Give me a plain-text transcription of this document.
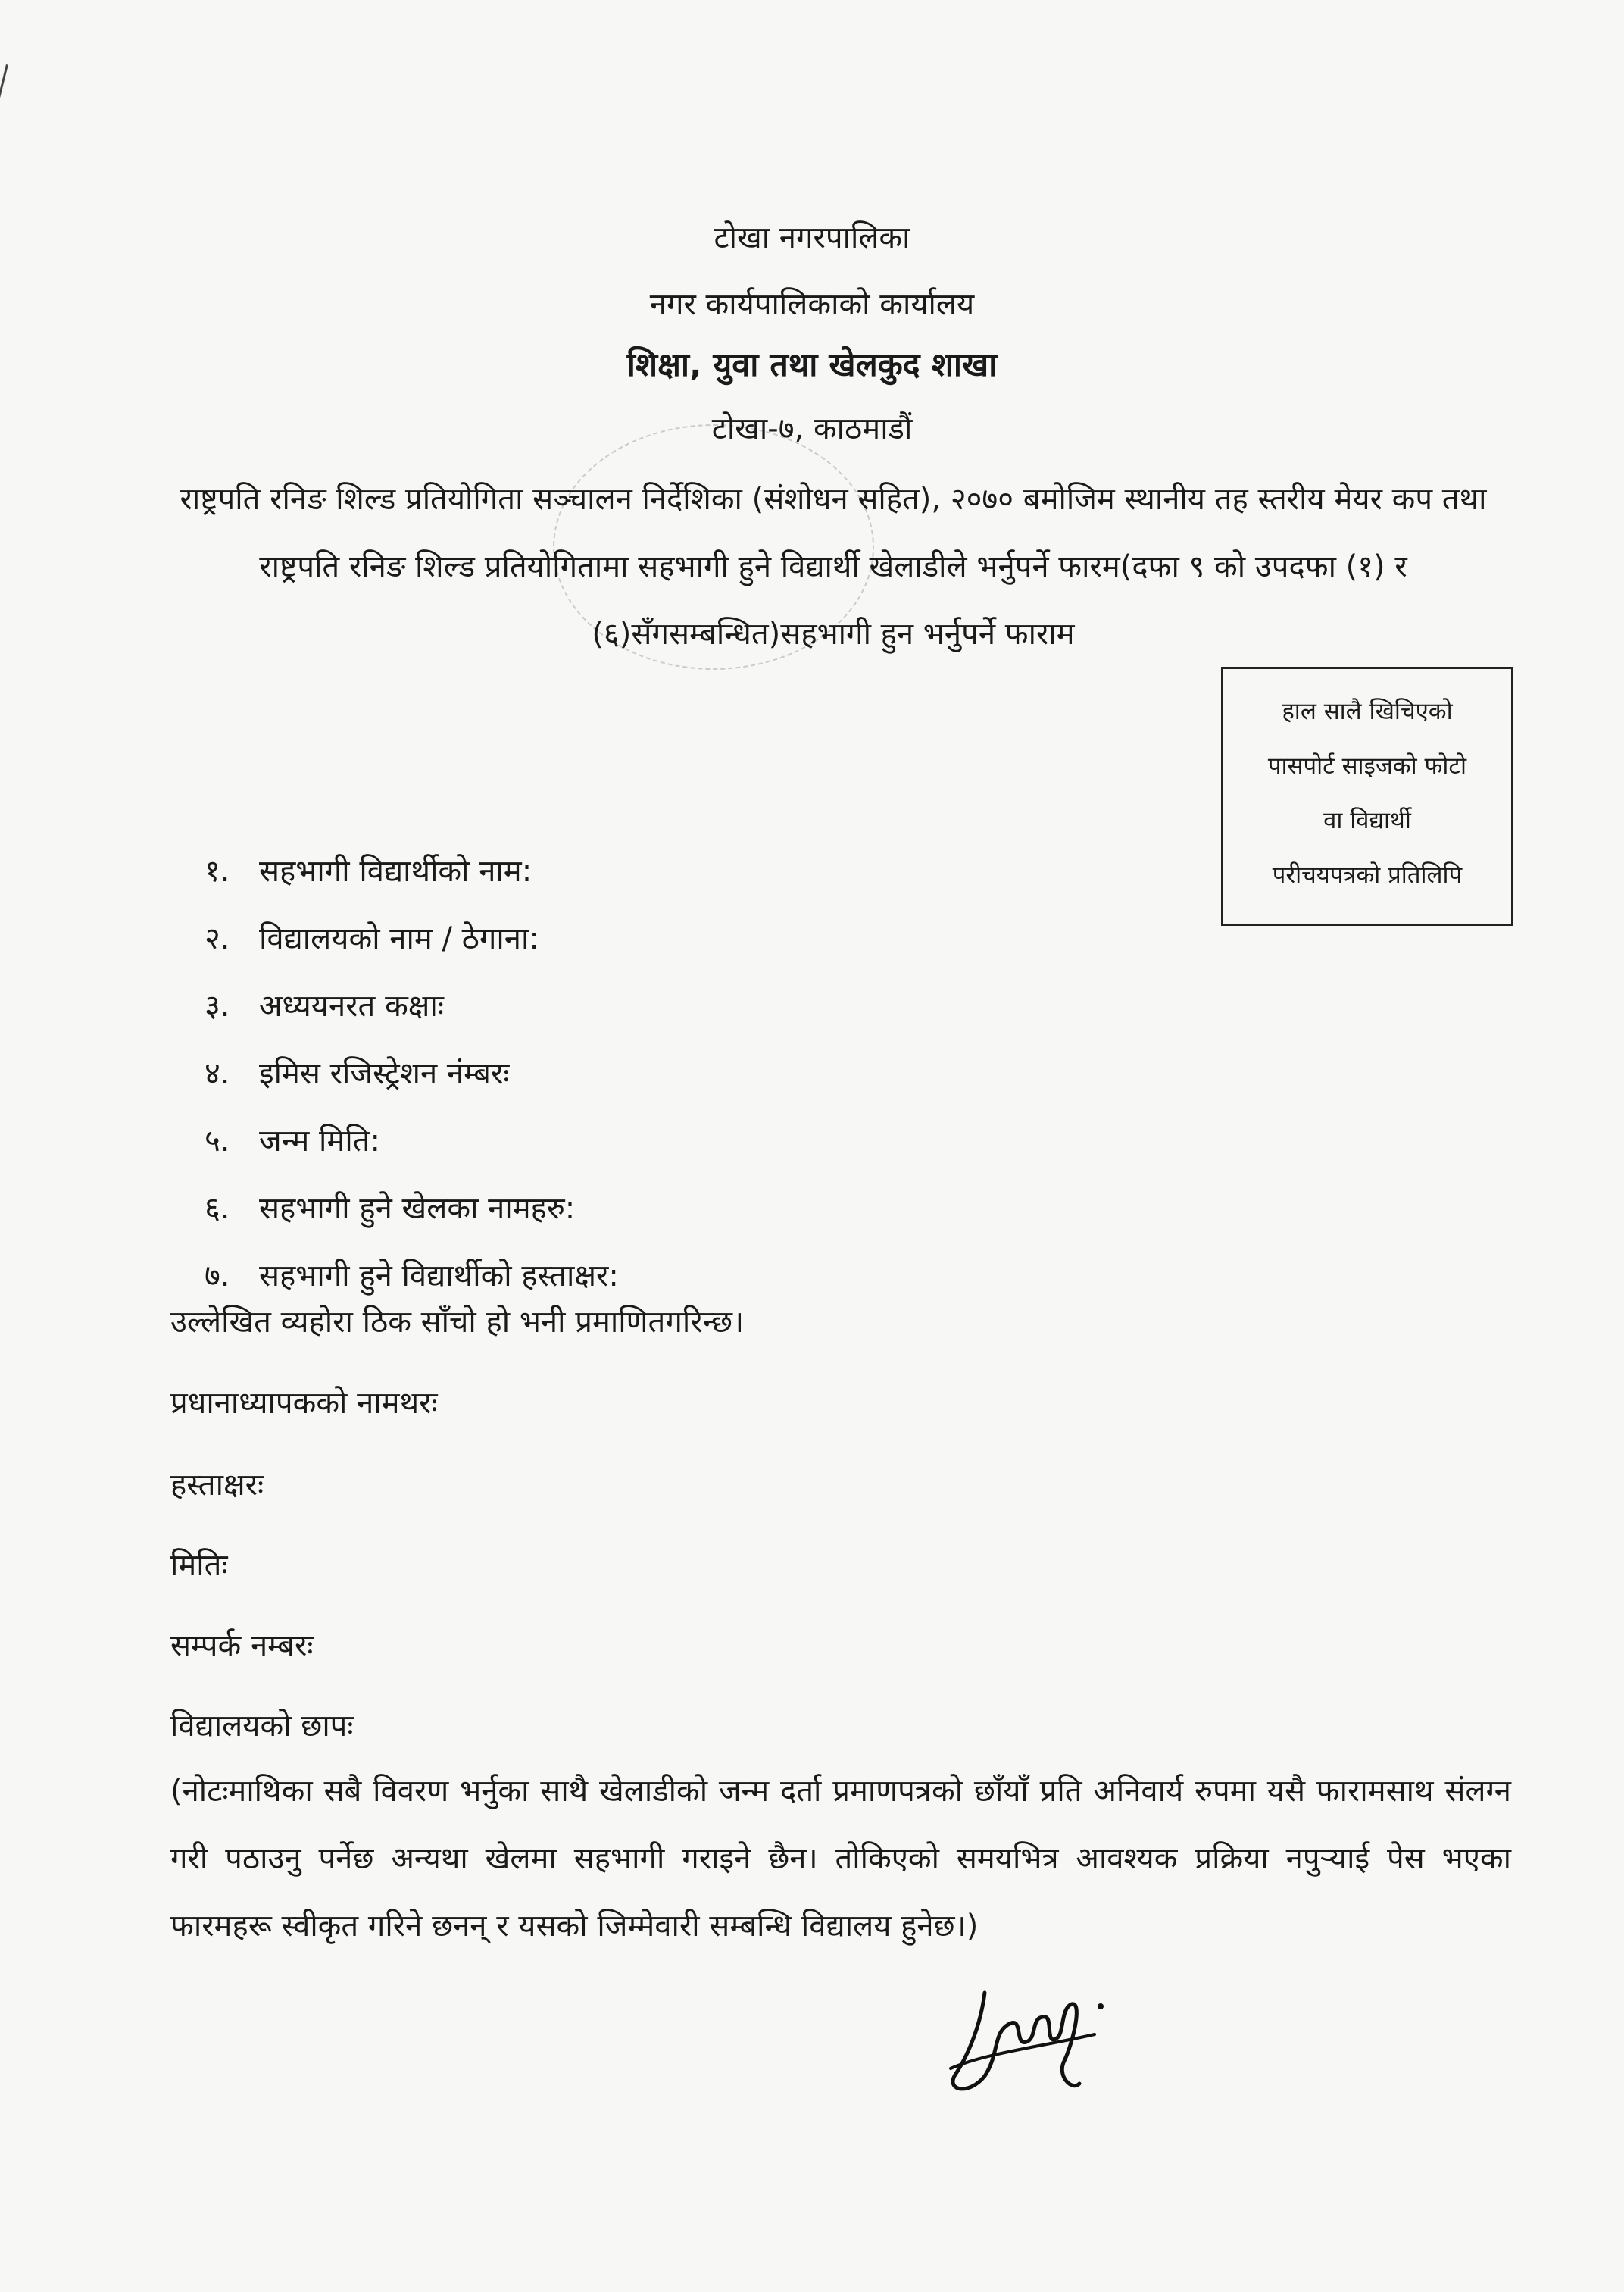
टोखा नगरपालिका
नगर कार्यपालिकाको कार्यालय
शिक्षा, युवा तथा खेलकुद शाखा
टोखा-७, काठमाडौं
राष्ट्रपति रनिङ शिल्ड प्रतियोगिता सञ्चालन निर्देशिका (संशोधन सहित), २०७० बमोजिम स्थानीय तह स्तरीय मेयर कप तथा राष्ट्रपति रनिङ शिल्ड प्रतियोगितामा सहभागी हुने विद्यार्थी खेलाडीले भर्नुपर्ने फारम(दफा ९ को उपदफा (१) र (६)सँगसम्बन्धित)सहभागी हुन भर्नुपर्ने फाराम
हाल सालै खिचिएको
पासपोर्ट साइजको फोटो
वा विद्यार्थी
परीचयपत्रको प्रतिलिपि
१. सहभागी विद्यार्थीको नाम:
२. विद्यालयको नाम / ठेगाना:
३. अध्ययनरत कक्षाः
४. इमिस रजिस्ट्रेशन नंम्बरः
५. जन्म मिति:
६. सहभागी हुने खेलका नामहरु:
७. सहभागी हुने विद्यार्थीको हस्ताक्षर:
उल्लेखित व्यहोरा ठिक साँचो हो भनी प्रमाणितगरिन्छ।
प्रधानाध्यापकको नामथरः
हस्ताक्षरः
मितिः
सम्पर्क नम्बरः
विद्यालयको छापः
(नोटःमाथिका सबै विवरण भर्नुका साथै खेलाडीको जन्म दर्ता प्रमाणपत्रको छाँयाँ प्रति अनिवार्य रुपमा यसै फारामसाथ संलग्न गरी पठाउनु पर्नेछ अन्यथा खेलमा सहभागी गराइने छैन। तोकिएको समयभित्र आवश्यक प्रक्रिया नपुऱ्याई पेस भएका फारमहरू स्वीकृत गरिने छनन् र यसको जिम्मेवारी सम्बन्धि विद्यालय हुनेछ।)
